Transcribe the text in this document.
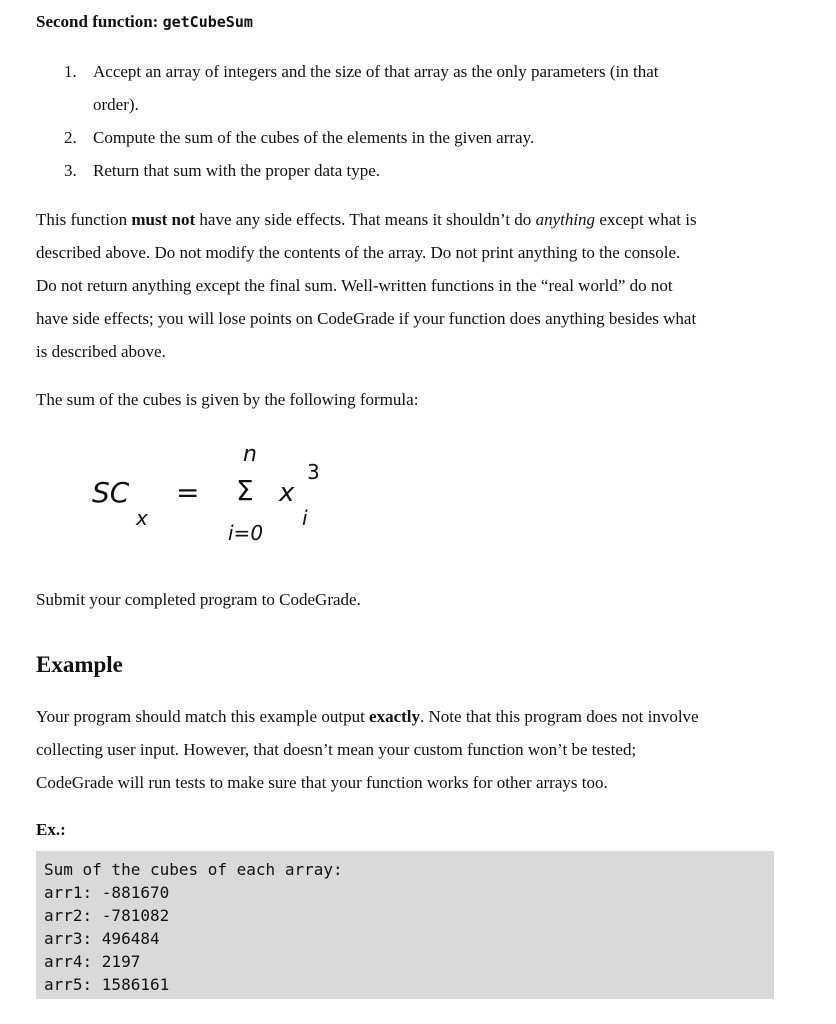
Second function: getCubeSum
1. Accept an array of integers and the size of that array as the only parameters (in that
order).
2. Compute the sum of the cubes of the elements in the given array.
3. Return that sum with the proper data type.
This function must not have any side effects. That means it shouldn’t do anything except what is
described above. Do not modify the contents of the array. Do not print anything to the console.
Do not return anything except the final sum. Well-written functions in the “real world” do not
have side effects; you will lose points on CodeGrade if your function does anything besides what
is described above.
The sum of the cubes is given by the following formula:
SC
x
=
n
Σ x
3
i
i=0
Submit your completed program to CodeGrade.
Example
Your program should match this example output exactly. Note that this program does not involve
collecting user input. However, that doesn’t mean your custom function won’t be tested;
CodeGrade will run tests to make sure that your function works for other arrays too.
Ex.:
Sum of the cubes of each array:
arr1: -881670
arr2: -781082
arr3: 496484
arr4: 2197
arr5: 1586161
